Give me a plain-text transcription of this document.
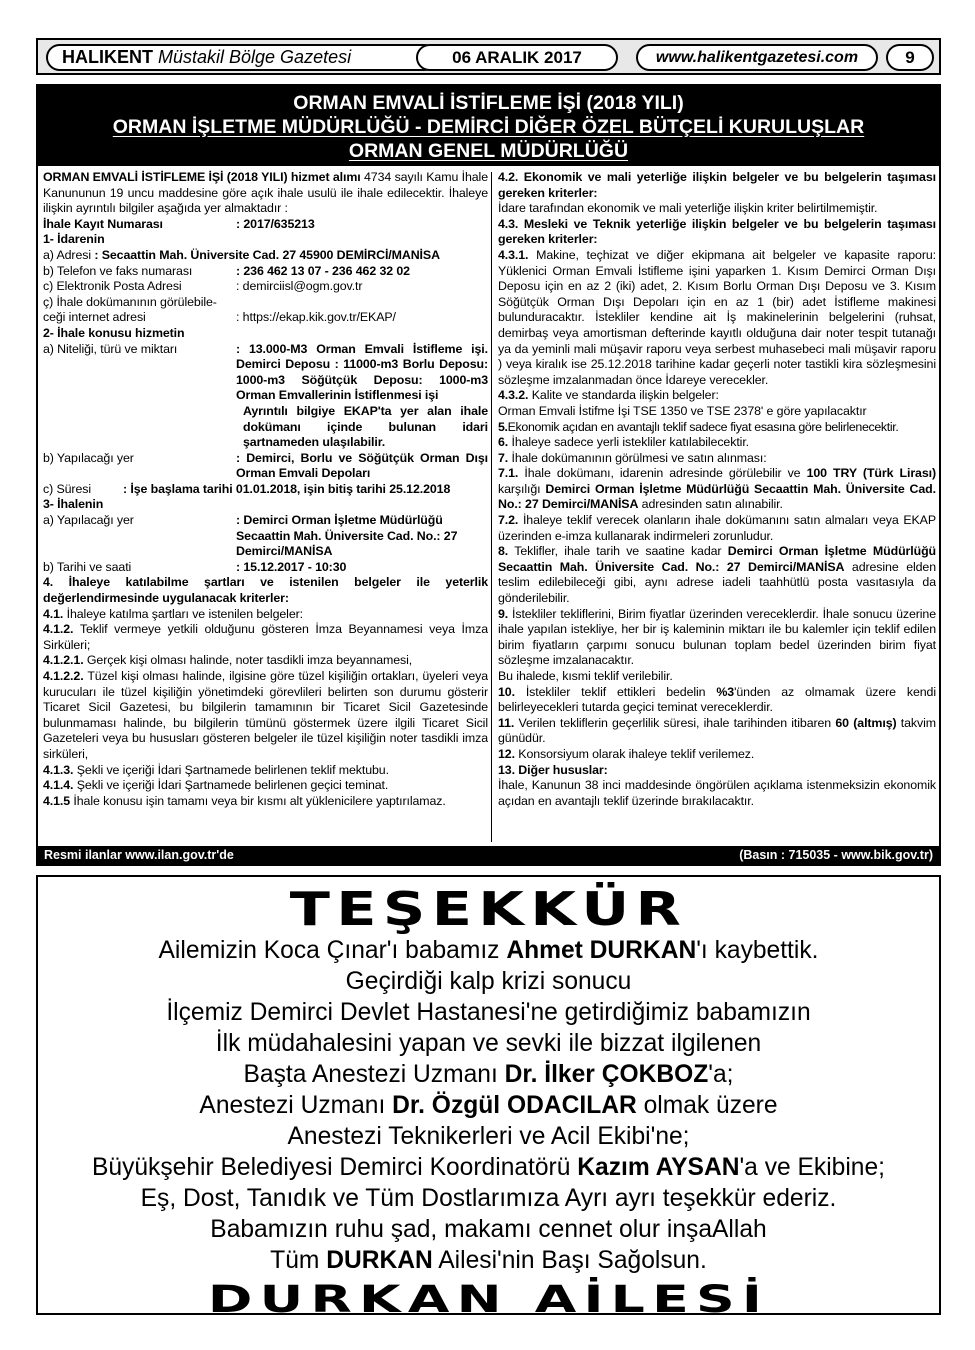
HALIKENT Müstakil Bölge Gazetesi	06 ARALIK 2017	www.halikentgazetesi.com	9
ORMAN EMVALİ İSTİFLEME İŞİ (2018 YILI)
ORMAN İŞLETME MÜDÜRLÜĞÜ - DEMİRCİ DİĞER ÖZEL BÜTÇELİ KURULUŞLAR
ORMAN GENEL MÜDÜRLÜĞÜ

ORMAN EMVALİ İSTİFLEME İŞİ (2018 YILI) hizmet alımı 4734 sayılı Kamu İhale Kanununun 19 uncu maddesine göre açık ihale usulü ile ihale edilecektir. İhaleye ilişkin ayrıntılı bilgiler aşağıda yer almaktadır :

İhale Kayıt Numarası	: 2017/635213
1- İdarenin
a) Adresi : Secaattin Mah. Üniversite Cad. 27 45900 DEMİRCİ/MANİSA
b) Telefon ve faks numarası	: 236 462 13 07 - 236 462 32 02
c) Elektronik Posta Adresi	: demirciisl@ogm.gov.tr
ç) İhale dokümanının görülebile-
ceği internet adresi	: https://ekap.kik.gov.tr/EKAP/
2- İhale konusu hizmetin
a) Niteliği, türü ve miktarı	: 13.000-M3 Orman Emvali İstifleme işi. Demirci Deposu : 11000-m3 Borlu Deposu: 1000-m3 Söğütçük Deposu: 1000-m3 Orman Emvallerinin İstiflenmesi işi
Ayrıntılı bilgiye EKAP'ta yer alan ihale dokümanı içinde bulunan idari şartnameden ulaşılabilir.
b) Yapılacağı yer	: Demirci, Borlu ve Söğütçük Orman Dışı Orman Emvali Depoları
c) Süresi	: İşe başlama tarihi 01.01.2018, işin bitiş tarihi 25.12.2018
3- İhalenin
a) Yapılacağı yer	: Demirci Orman İşletme Müdürlüğü Secaattin Mah. Üniversite Cad. No.: 27 Demirci/MANİSA
b) Tarihi ve saati	: 15.12.2017 - 10:30
4. İhaleye katılabilme şartları ve istenilen belgeler ile yeterlik değerlendirmesinde uygulanacak kriterler:

4.1. İhaleye katılma şartları ve istenilen belgeler:

4.1.2. Teklif vermeye yetkili olduğunu gösteren İmza Beyannamesi veya İmza Sirküleri;

4.1.2.1. Gerçek kişi olması halinde, noter tasdikli imza beyannamesi,

4.1.2.2. Tüzel kişi olması halinde, ilgisine göre tüzel kişiliğin ortakları, üyeleri veya kurucuları ile tüzel kişiliğin yönetimdeki görevlileri belirten son durumu gösterir Ticaret Sicil Gazetesi, bu bilgilerin tamamının bir Ticaret Sicil Gazetesinde bulunmaması halinde, bu bilgilerin tümünü göstermek üzere ilgili Ticaret Sicil Gazeteleri veya bu hususları gösteren belgeler ile tüzel kişiliğin noter tasdikli imza sirküleri,

4.1.3. Şekli ve içeriği İdari Şartnamede belirlenen teklif mektubu.

4.1.4. Şekli ve içeriği İdari Şartnamede belirlenen geçici teminat.

4.1.5 İhale konusu işin tamamı veya bir kısmı alt yüklenicilere yaptırılamaz.

4.2. Ekonomik ve mali yeterliğe ilişkin belgeler ve bu belgelerin taşıması gereken kriterler:

İdare tarafından ekonomik ve mali yeterliğe ilişkin kriter belirtilmemiştir.

4.3. Mesleki ve Teknik yeterliğe ilişkin belgeler ve bu belgelerin taşıması gereken kriterler:

4.3.1. Makine, teçhizat ve diğer ekipmana ait belgeler ve kapasite raporu: Yüklenici Orman Emvali İstifleme işini yaparken 1. Kısım Demirci Orman Dışı Deposu için en az 2 (iki) adet, 2. Kısım Borlu Orman Dışı Deposu ve 3. Kısım Söğütçük Orman Dışı Depoları için en az 1 (bir) adet İstifleme makinesi bulunduracaktır. İstekliler kendine ait İş makinelerinin belgelerini (ruhsat, demirbaş veya amortisman defterinde kayıtlı olduğuna dair noter tespit tutanağı ya da yeminli mali müşavir raporu veya serbest muhasebeci mali müşavir raporu ) veya kiralık ise 25.12.2018 tarihine kadar geçerli noter tastikli kira sözleşmesini sözleşme imzalanmadan önce İdareye verecekler.

4.3.2. Kalite ve standarda ilişkin belgeler:

Orman Emvali İstifme İşi TSE 1350 ve TSE 2378' e göre yapılacaktır

5.Ekonomik açıdan en avantajlı teklif sadece fiyat esasına göre belirlenecektir.

6. İhaleye sadece yerli istekliler katılabilecektir.

7. İhale dokümanının görülmesi ve satın alınması:

7.1. İhale dokümanı, idarenin adresinde görülebilir ve 100 TRY (Türk Lirası) karşılığı Demirci Orman İşletme Müdürlüğü Secaattin Mah. Üniversite Cad. No.: 27 Demirci/MANİSA adresinden satın alınabilir.

7.2. İhaleye teklif verecek olanların ihale dokümanını satın almaları veya EKAP üzerinden e-imza kullanarak indirmeleri zorunludur.

8. Teklifler, ihale tarih ve saatine kadar Demirci Orman İşletme Müdürlüğü Secaattin Mah. Üniversite Cad. No.: 27 Demirci/MANİSA adresine elden teslim edilebileceği gibi, aynı adrese iadeli taahhütlü posta vasıtasıyla da gönderilebilir.

9. İstekliler tekliflerini, Birim fiyatlar üzerinden vereceklerdir. İhale sonucu üzerine ihale yapılan istekliye, her bir iş kaleminin miktarı ile bu kalemler için teklif edilen birim fiyatların çarpımı sonucu bulunan toplam bedel üzerinden birim fiyat sözleşme imzalanacaktır.

Bu ihalede, kısmi teklif verilebilir.

10. İstekliler teklif ettikleri bedelin %3'ünden az olmamak üzere kendi belirleyecekleri tutarda geçici teminat vereceklerdir.

11. Verilen tekliflerin geçerlilik süresi, ihale tarihinden itibaren 60 (altmış) takvim günüdür.

12. Konsorsiyum olarak ihaleye teklif verilemez.

13. Diğer hususlar:

İhale, Kanunun 38 inci maddesinde öngörülen açıklama istenmeksizin ekonomik açıdan en avantajlı teklif üzerinde bırakılacaktır.

Resmi ilanlar www.ilan.gov.tr'de	(Basın : 715035 - www.bik.gov.tr)
TEŞEKKÜR
Ailemizin Koca Çınar'ı babamız Ahmet DURKAN'ı kaybettik.
Geçirdiği kalp krizi sonucu
İlçemiz Demirci Devlet Hastanesi'ne getirdiğimiz babamızın
İlk müdahalesini yapan ve sevki ile bizzat ilgilenen
Başta Anestezi Uzmanı Dr. İlker ÇOKBOZ'a;
Anestezi Uzmanı Dr. Özgül ODACILAR olmak üzere
Anestezi Teknikerleri ve Acil Ekibi'ne;
Büyükşehir Belediyesi Demirci Koordinatörü Kazım AYSAN'a ve Ekibine;
Eş, Dost, Tanıdık ve Tüm Dostlarımıza Ayrı ayrı teşekkür ederiz.
Babamızın ruhu şad, makamı cennet olur inşaAllah
Tüm DURKAN Ailesi'nin Başı Sağolsun.
DURKAN AİLESİ
